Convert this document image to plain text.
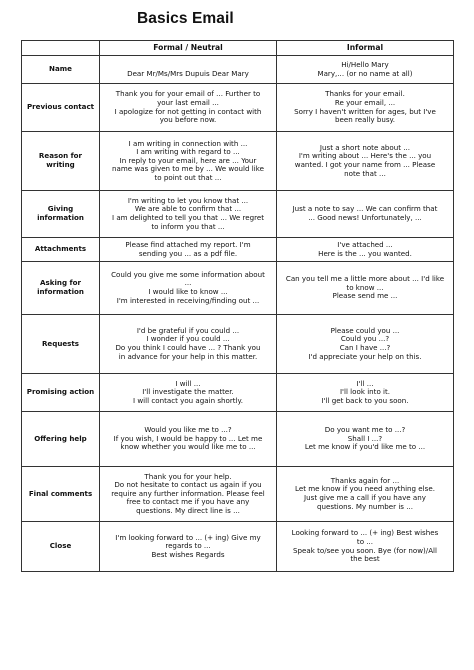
Basics Email
	Formal / Neutral	Informal
Name	Dear Mr/Ms/Mrs Dupuis Dear Mary	Hi/Hello Mary
Mary,... (or no name at all)

Previous contact	Thank you for your email of ... Further to
your last email ...
I apologize for not getting in contact with
you before now.	Thanks for your email.
Re your email, ...
Sorry I haven't written for ages, but I've
been really busy.

Reason for writing	I am writing in connection with ...
I am writing with regard to ...
In reply to your email, here are ... Your
name was given to me by ... We would like
to point out that ...	Just a short note about ...
I'm writing about ... Here's the ... you
wanted. I got your name from ... Please
note that ...

Giving information	I'm writing to let you know that ...
We are able to confirm that ...
I am delighted to tell you that ... We regret
to inform you that ...	Just a note to say ... We can confirm that
... Good news! Unfortunately, ...

Attachments	Please find attached my report. I'm
sending you ... as a pdf file.	I've attached ...
Here is the ... you wanted.

Asking for information	Could you give me some information about
...
I would like to know ...
I'm interested in receiving/finding out ...	Can you tell me a little more about ... I'd like
to know ...
Please send me ...

Requests	I'd be grateful if you could ...
I wonder if you could ...
Do you think I could have ... ? Thank you
in advance for your help in this matter.	Please could you ...
Could you ...?
Can I have ...?
I'd appreciate your help on this.

Promising action	I will ...
I'll investigate the matter.
I will contact you again shortly.	I'll ...
I'll look into it.
I'll get back to you soon.

Offering help	Would you like me to ...?
If you wish, I would be happy to ... Let me
know whether you would like me to ...	Do you want me to ...?
Shall I ...?
Let me know if you'd like me to ...

Final comments	Thank you for your help.
Do not hesitate to contact us again if you
require any further information. Please feel
free to contact me if you have any
questions. My direct line is ...	Thanks again for ...
Let me know if you need anything else.
Just give me a call if you have any
questions. My number is ...

Close	I'm looking forward to ... (+ ing) Give my
regards to ...
Best wishes Regards	Looking forward to ... (+ ing) Best wishes
to ...
Speak to/see you soon. Bye (for now)/All
the best
